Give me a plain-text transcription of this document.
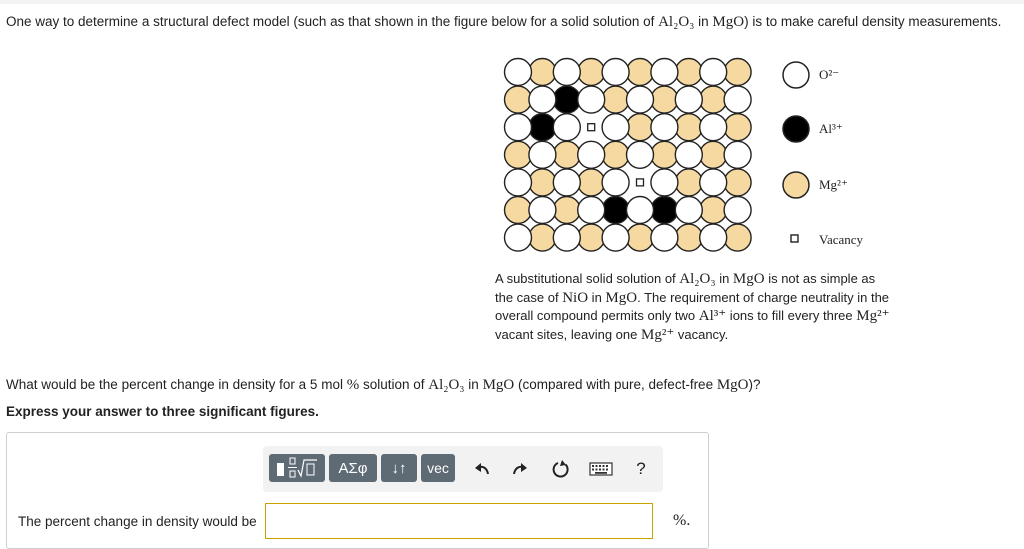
One way to determine a structural defect model (such as that shown in the figure below for a solid solution of Al₂O₃ in MgO) is to make careful density measurements.
O²⁻
Al³⁺
Mg²⁺
Vacancy
A substitutional solid solution of Al₂O₃ in MgO is not as simple as the case of NiO in MgO. The requirement of charge neutrality in the overall compound permits only two Al³⁺ ions to fill every three Mg²⁺ vacant sites, leaving one Mg²⁺ vacancy.
What would be the percent change in density for a 5 mol % solution of Al₂O₃ in MgO (compared with pure, defect-free MgO)?
Express your answer to three significant figures.
ΑΣφ	↓↑	vec	?
The percent change in density would be	%.
